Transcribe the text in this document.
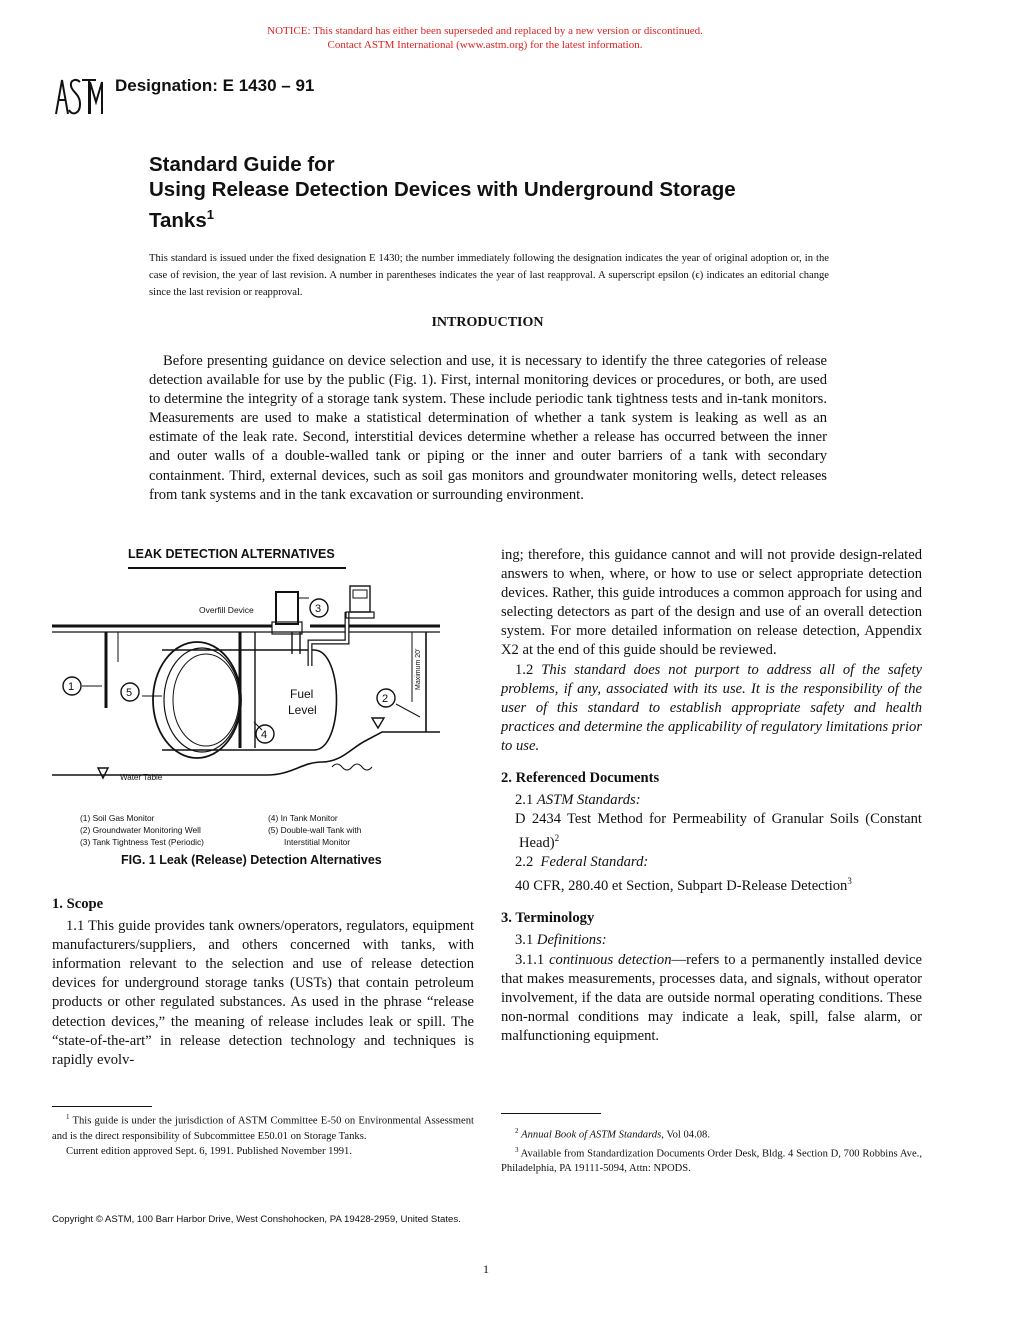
NOTICE: This standard has either been superseded and replaced by a new version or discontinued.
Contact ASTM International (www.astm.org) for the latest information.
Designation: E 1430 – 91
Standard Guide for
Using Release Detection Devices with Underground Storage
Tanks$^1$
This standard is issued under the fixed designation E 1430; the number immediately following the designation indicates the year of original adoption or, in the case of revision, the year of last revision. A number in parentheses indicates the year of last reapproval. A superscript epsilon (ϵ) indicates an editorial change since the last revision or reapproval.
INTRODUCTION

Before presenting guidance on device selection and use, it is necessary to identify the three categories of release detection available for use by the public (Fig. 1). First, internal monitoring devices or procedures, or both, are used to determine the integrity of a storage tank system. These include periodic tank tightness tests and in-tank monitors. Measurements are used to make a statistical determination of whether a tank system is leaking as well as an estimate of the leak rate. Second, interstitial devices determine whether a release has occurred between the inner and outer walls of a double-walled tank or piping or the inner and outer barriers of a tank with secondary containment. Third, external devices, such as soil gas monitors and groundwater monitoring wells, detect releases from tank systems and in the tank excavation or surrounding environment.

LEAK DETECTION ALTERNATIVES
1
2
3
4
5
Overfill Device
Fuel
Level
Water Table
Maximum 20'
(1) Soil Gas Monitor
(2) Groundwater Monitoring Well
(3) Tank Tightness Test (Periodic)
(4) In Tank Monitor
(5) Double-wall Tank with
Interstitial Monitor
FIG. 1 Leak (Release) Detection Alternatives
1. Scope

1.1 This guide provides tank owners/operators, regulators, equipment manufacturers/suppliers, and others concerned with tanks, with information relevant to the selection and use of release detection devices for underground storage tanks (USTs) that contain petroleum products or other regulated substances. As used in the phrase “release detection devices,” the meaning of release includes leak or spill. The “state-of-the-art” in release detection technology and techniques is rapidly evolv-

ing; therefore, this guidance cannot and will not provide design-related answers to when, where, or how to use or select appropriate detection devices. Rather, this guide introduces a common approach for using and selecting detectors as part of the design and use of an overall detection system. For more detailed information on release detection, Appendix X2 at the end of this guide should be reviewed.

1.2 This standard does not purport to address all of the safety problems, if any, associated with its use. It is the responsibility of the user of this standard to establish appropriate safety and health practices and determine the applicability of regulatory limitations prior to use.

2. Referenced Documents

2.1 ASTM Standards:

D 2434 Test Method for Permeability of Granular Soils (Constant Head)$^2$

2.2 Federal Standard:

40 CFR, 280.40 et Section, Subpart D-Release Detection$^3$

3. Terminology

3.1 Definitions:

3.1.1 continuous detection—refers to a permanently installed device that makes measurements, processes data, and signals, without operator involvement, if the data are outside normal operating conditions. These non-normal conditions may indicate a leak, spill, false alarm, or malfunctioning equipment.

$^1$ This guide is under the jurisdiction of ASTM Committee E-50 on Environmental Assessment and is the direct responsibility of Subcommittee E50.01 on Storage Tanks.

Current edition approved Sept. 6, 1991. Published November 1991.

$^2$ Annual Book of ASTM Standards, Vol 04.08.

$^3$ Available from Standardization Documents Order Desk, Bldg. 4 Section D, 700 Robbins Ave., Philadelphia, PA 19111-5094, Attn: NPODS.

Copyright © ASTM, 100 Barr Harbor Drive, West Conshohocken, PA 19428-2959, United States.
1
